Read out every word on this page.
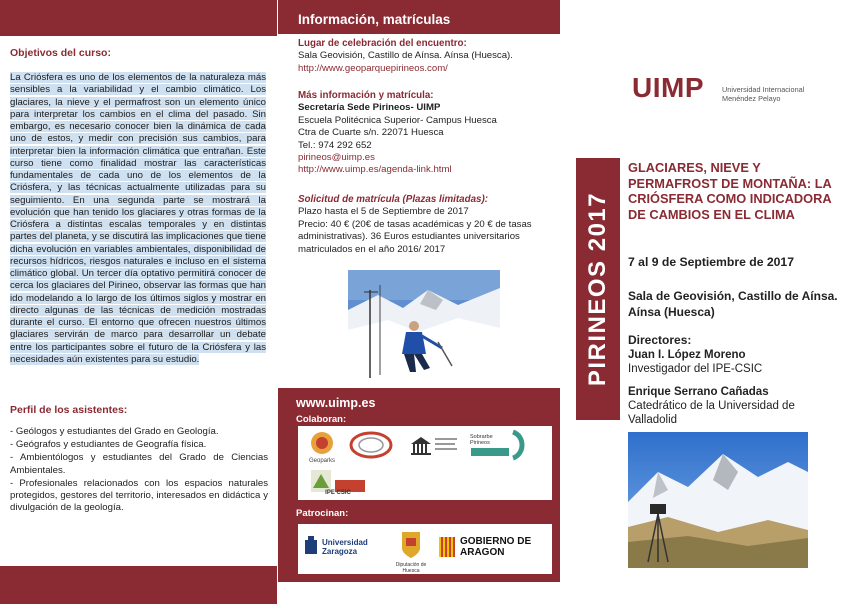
Objetivos del curso:
La Criósfera es uno de los elementos de la naturaleza más sensibles a la variabilidad y el cambio climático. Los glaciares, la nieve y el permafrost son un elemento único para interpretar los cambios en el clima del pasado. Sin embargo, es necesario conocer bien la dinámica de cada uno de estos, y medir con precisión sus cambios, para interpretar bien la información climática que entrañan. Este curso tiene como finalidad mostrar las características fundamentales de cada uno de los elementos de la Criósfera, y las técnicas actualmente utilizadas para su seguimiento. En una segunda parte se mostrará la evolución que han tenido los glaciares y otras formas de la Criósfera a distintas escalas temporales y en distintas partes del planeta, y se discutirá las implicaciones que tiene dicha evolución en variables ambientales, disponibilidad de recursos hídricos, riesgos naturales e incluso en el sistema climático global. Un tercer día optativo permitirá conocer de cerca los glaciares del Pirineo, observar las formas que han ido modelando a lo largo de los últimos siglos y mostrar en directo algunas de las técnicas de medición mostradas durante el curso. El entorno que ofrecen nuestros últimos glaciares servirán de marco para desarrollar un debate entre los participantes sobre el futuro de la Criósfera y las necesidades aún existentes para su estudio.
Perfil de los asistentes:
- Geólogos y estudiantes del Grado en Geología.
- Geógrafos y estudiantes de Geografía física.
- Ambientólogos y estudiantes del Grado de Ciencias Ambientales.
- Profesionales relacionados con los espacios naturales protegidos, gestores del territorio, interesados en didáctica y divulgación de la geología.
Información, matrículas
Lugar de celebración del encuentro:
Sala Geovisión, Castillo de Aínsa. Aínsa (Huesca).
http://www.geoparquepirineos.com/
Más información y matrícula:
Secretaría Sede Pirineos- UIMP
Escuela Politécnica Superior- Campus Huesca
Ctra de Cuarte s/n. 22071 Huesca
Tel.: 974 292 652
pirineos@uimp.es
http://www.uimp.es/agenda-link.html
Solicitud de matrícula (Plazas limitadas):
Plazo hasta el 5 de Septiembre de 2017
Precio: 40 € (20€ de tasas académicas y 20 € de tasas administrativas). 36 Euros estudiantes universitarios matriculados en el año 2016/ 2017
www.uimp.es
Colaboran:
Geoparks
Sobrarbe Pirineos
IPE CSIC
Patrocinan:
Universidad Zaragoza
Diputación de Huesca
GOBIERNO DE ARAGON
UIMP Universidad Internacional
Menéndez Pelayo
PIRINEOS 2017
GLACIARES, NIEVE Y PERMAFROST DE MONTAÑA: LA CRIÓSFERA COMO INDICADORA DE CAMBIOS EN EL CLIMA
7 al 9 de Septiembre de 2017
Sala de Geovisión, Castillo de Aínsa. Aínsa (Huesca)
Directores:
Juan I. López Moreno
Investigador del IPE-CSIC
Enrique Serrano Cañadas
Catedrático de la Universidad de Valladolid
